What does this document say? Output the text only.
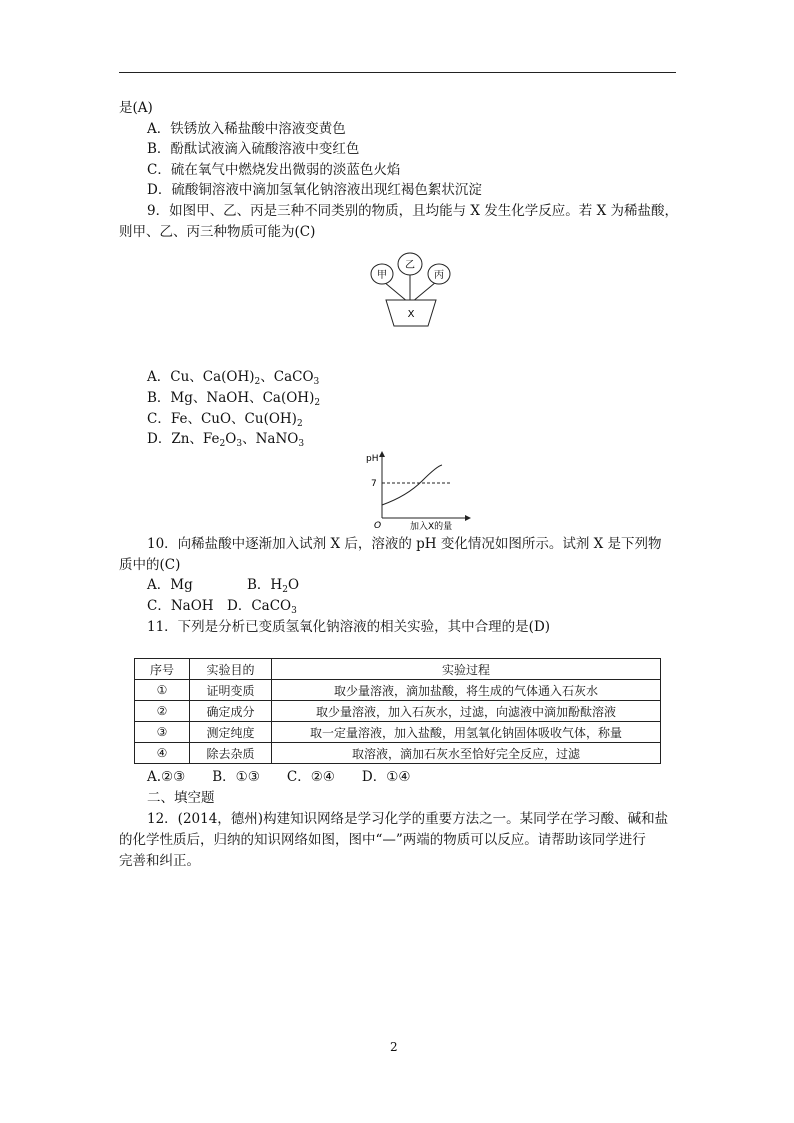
是(A)
A．铁锈放入稀盐酸中溶液变黄色
B．酚酞试液滴入硫酸溶液中变红色
C．硫在氧气中燃烧发出微弱的淡蓝色火焰
D．硫酸铜溶液中滴加氢氧化钠溶液出现红褐色絮状沉淀
9．如图甲、乙、丙是三种不同类别的物质，且均能与 X 发生化学反应。若 X 为稀盐酸，
则甲、乙、丙三种物质可能为(C)
甲
乙
丙
X
A．Cu、$Ca(OH)_2$、CaCO$_3$
B．Mg、NaOH、$Ca(OH)_2$
C．Fe、CuO、$Cu(OH)_2$
D．Zn、$Fe_2O_3$、NaNO$_3$
pH
7
O	加入X的量
10．向稀盐酸中逐渐加入试剂 X 后，溶液的 pH 变化情况如图所示。试剂 X 是下列物
质中的(C)
A．Mg	B．$H_2O$
C．NaOH　D．CaCO$_3$
11．下列是分析已变质氢氧化钠溶液的相关实验，其中合理的是(D)
序号	实验目的	实验过程
①	证明变质	取少量溶液，滴加盐酸，将生成的气体通入石灰水
②	确定成分	取少量溶液，加入石灰水，过滤，向滤液中滴加酚酞溶液
③	测定纯度	取一定量溶液，加入盐酸，用氢氧化钠固体吸收气体，称量
④	除去杂质	取溶液，滴加石灰水至恰好完全反应，过滤
A.②③　　B．①③　　C．②④　　D．①④
二、填空题
12．(2014，德州)构建知识网络是学习化学的重要方法之一。某同学在学习酸、碱和盐
的化学性质后，归纳的知识网络如图，图中“—”两端的物质可以反应。请帮助该同学进行
完善和纠正。
2
